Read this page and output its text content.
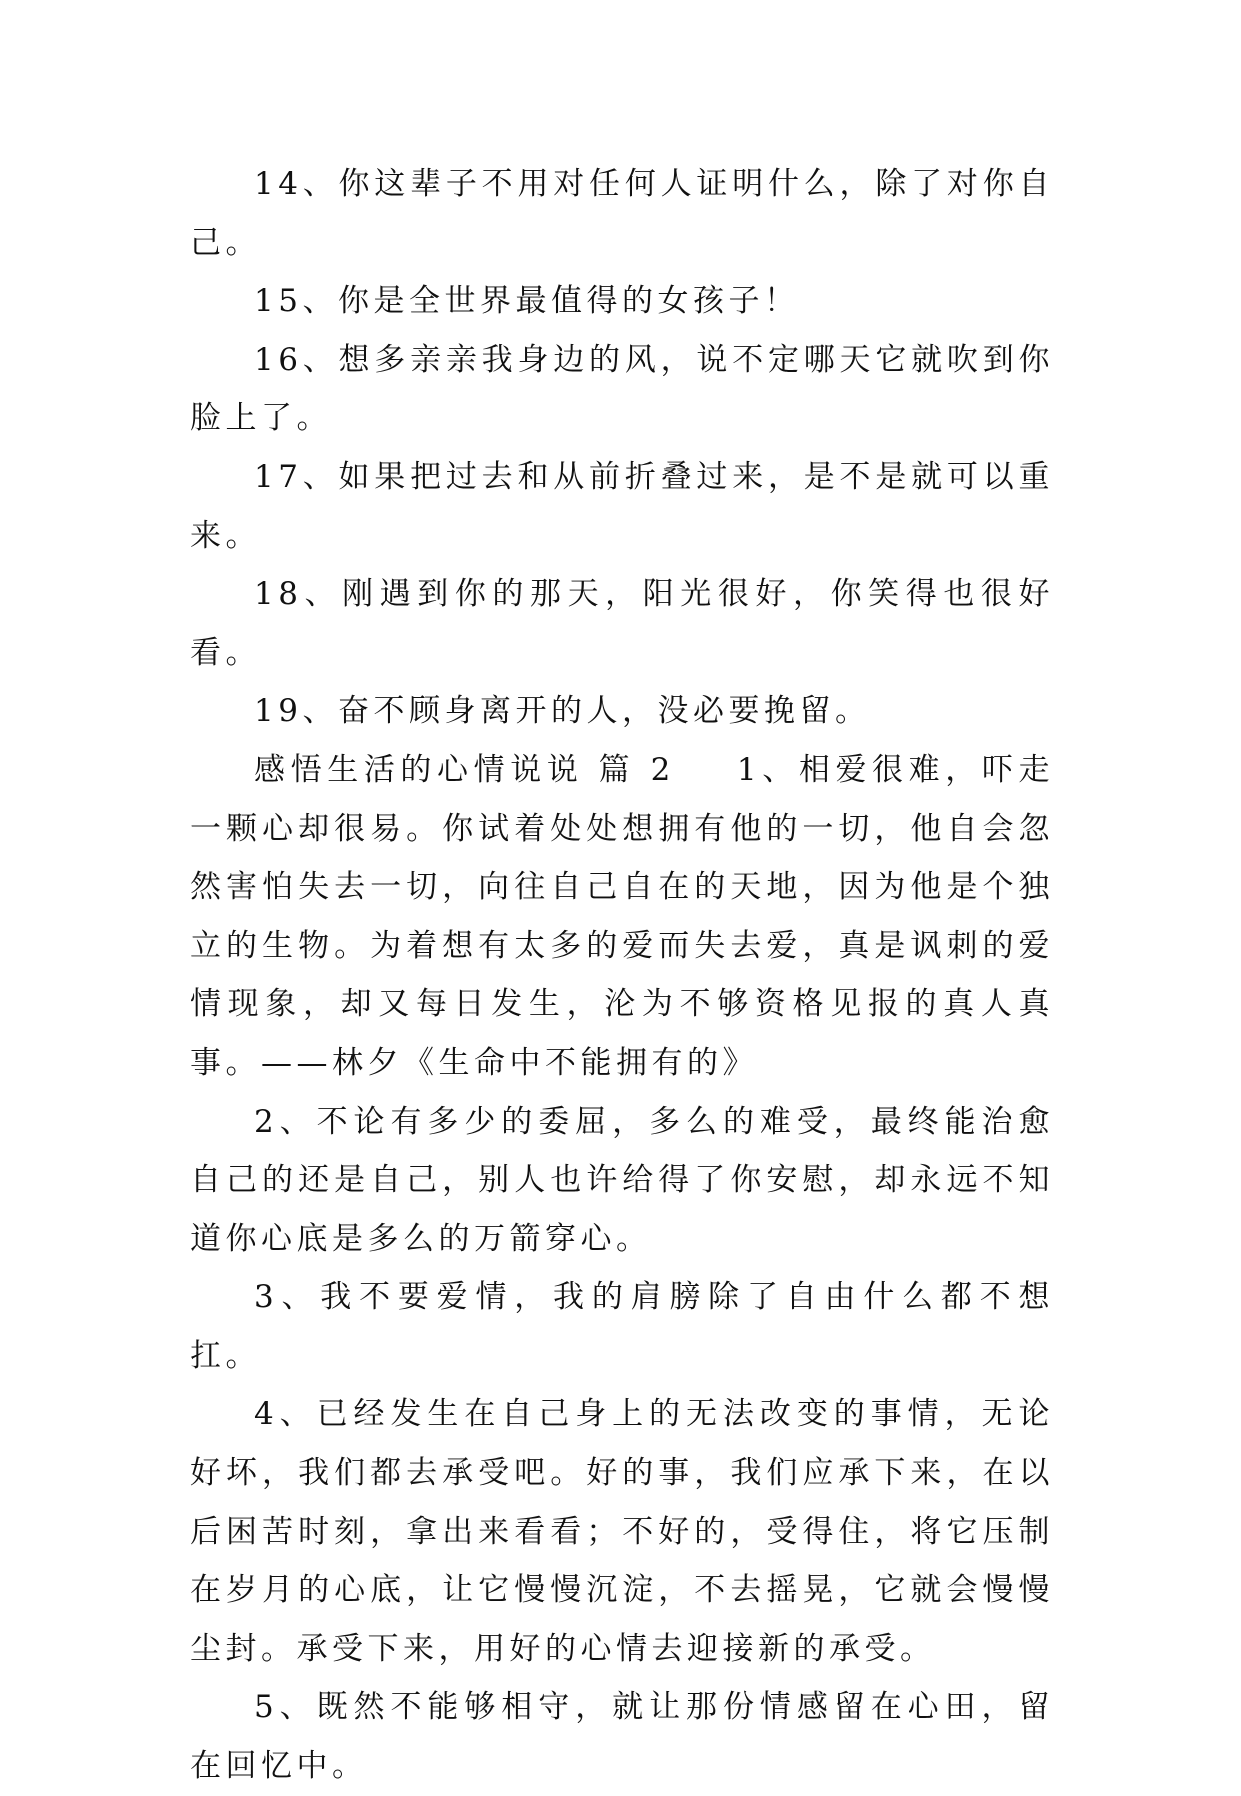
14、你这辈子不用对任何人证明什么，除了对你自己。

15、你是全世界最值得的女孩子！

16、想多亲亲我身边的风，说不定哪天它就吹到你脸上了。

17、如果把过去和从前折叠过来，是不是就可以重来。

18、刚遇到你的那天，阳光很好，你笑得也很好看。

19、奋不顾身离开的人，没必要挽留。

感悟生活的心情说说 篇 2 1、相爱很难，吓走一颗心却很易。你试着处处想拥有他的一切，他自会忽然害怕失去一切，向往自己自在的天地，因为他是个独立的生物。为着想有太多的爱而失去爱，真是讽刺的爱情现象，却又每日发生，沦为不够资格见报的真人真事。——林夕《生命中不能拥有的》

2、不论有多少的委屈，多么的难受，最终能治愈自己的还是自己，别人也许给得了你安慰，却永远不知道你心底是多么的万箭穿心。

3、我不要爱情，我的肩膀除了自由什么都不想扛。

4、已经发生在自己身上的无法改变的事情，无论好坏，我们都去承受吧。好的事，我们应承下来，在以后困苦时刻，拿出来看看；不好的，受得住，将它压制在岁月的心底，让它慢慢沉淀，不去摇晃，它就会慢慢尘封。承受下来，用好的心情去迎接新的承受。

5、既然不能够相守，就让那份情感留在心田，留在回忆中。
